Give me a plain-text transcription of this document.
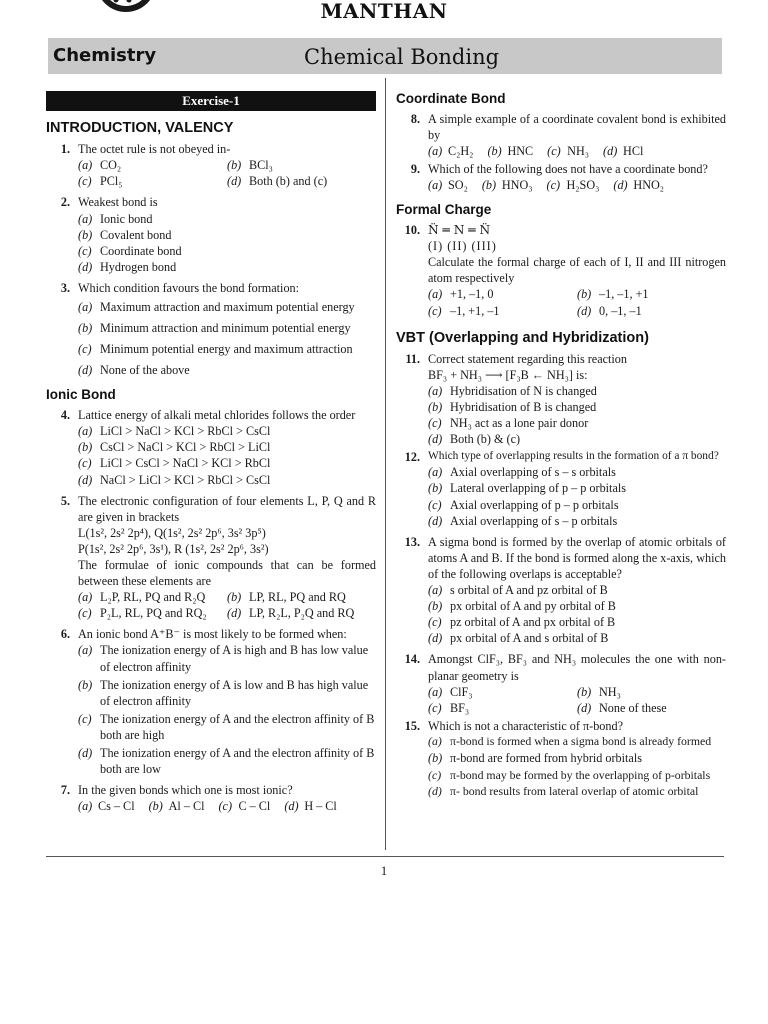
MANTHAN
Chemistry	Chemical Bonding
Exercise-1
INTRODUCTION, VALENCY
1. The octet rule is not obeyed in-
(a) CO₂	(b) BCl₃
(c) PCl₅	(d) Both (b) and (c)
2. Weakest bond is
(a) Ionic bond
(b) Covalent bond
(c) Coordinate bond
(d) Hydrogen bond
3. Which condition favours the bond formation:
(a) Maximum attraction and maximum potential energy
(b) Minimum attraction and minimum potential energy
(c) Minimum potential energy and maximum attraction
(d) None of the above
Ionic Bond
4. Lattice energy of alkali metal chlorides follows the order
(a) LiCl > NaCl > KCl > RbCl > CsCl
(b) CsCl > NaCl > KCl > RbCl > LiCl
(c) LiCl > CsCl > NaCl > KCl > RbCl
(d) NaCl > LiCl > KCl > RbCl > CsCl
5. The electronic configuration of four elements L, P, Q and R are given in brackets
L(1s², 2s² 2p⁴), Q(1s², 2s² 2p⁶, 3s² 3p⁵)
P(1s², 2s² 2p⁶, 3s¹), R (1s², 2s² 2p⁶, 3s²)
The formulae of ionic compounds that can be formed between these elements are
(a) L₂P, RL, PQ and R₂Q	(b) LP, RL, PQ and RQ
(c) P₂L, RL, PQ and RQ₂	(d) LP, R₂L, P₂Q and RQ
6. An ionic bond A⁺B⁻ is most likely to be formed when:
(a) The ionization energy of A is high and B has low value of electron affinity
(b) The ionization energy of A is low and B has high value of electron affinity
(c) The ionization energy of A and the electron affinity of B both are high
(d) The ionization energy of A and the electron affinity of B both are low
7. In the given bonds which one is most ionic?
(a) Cs – Cl (b) Al – Cl (c) C – Cl (d) H – Cl
Coordinate Bond
8. A simple example of a coordinate covalent bond is exhibited by
(a) C₂H₂ (b) HNC (c) NH₃ (d) HCl
9. Which of the following does not have a coordinate bond?
(a) SO₂ (b) HNO₃ (c) H₂SO₃ (d) HNO₂
Formal Charge
10. N̈ ═ N ═ N̈
(I) (II) (III)
Calculate the formal charge of each of I, II and III nitrogen atom respectively
(a) +1, –1, 0	(b) –1, –1, +1
(c) –1, +1, –1	(d) 0, –1, –1
VBT (Overlapping and Hybridization)
11. Correct statement regarding this reaction
BF₃ + NH₃ ⟶ [F₃B ← NH₃] is:
(a) Hybridisation of N is changed
(b) Hybridisation of B is changed
(c) NH₃ act as a lone pair donor
(d) Both (b) & (c)
12. Which type of overlapping results in the formation of a π bond?
(a) Axial overlapping of s – s orbitals
(b) Lateral overlapping of p – p orbitals
(c) Axial overlapping of p – p orbitals
(d) Axial overlapping of s – p orbitals
13. A sigma bond is formed by the overlap of atomic orbitals of atoms A and B. If the bond is formed along the x-axis, which of the following overlaps is acceptable?
(a) s orbital of A and pz orbital of B
(b) px orbital of A and py orbital of B
(c) pz orbital of A and px orbital of B
(d) px orbital of A and s orbital of B
14. Amongst ClF₃, BF₃ and NH₃ molecules the one with non-planar geometry is
(a) ClF₃	(b) NH₃
(c) BF₃	(d) None of these
15. Which is not a characteristic of π-bond?
(a) π-bond is formed when a sigma bond is already formed
(b) π-bond are formed from hybrid orbitals
(c) π-bond may be formed by the overlapping of p-orbitals
(d) π- bond results from lateral overlap of atomic orbital
1
